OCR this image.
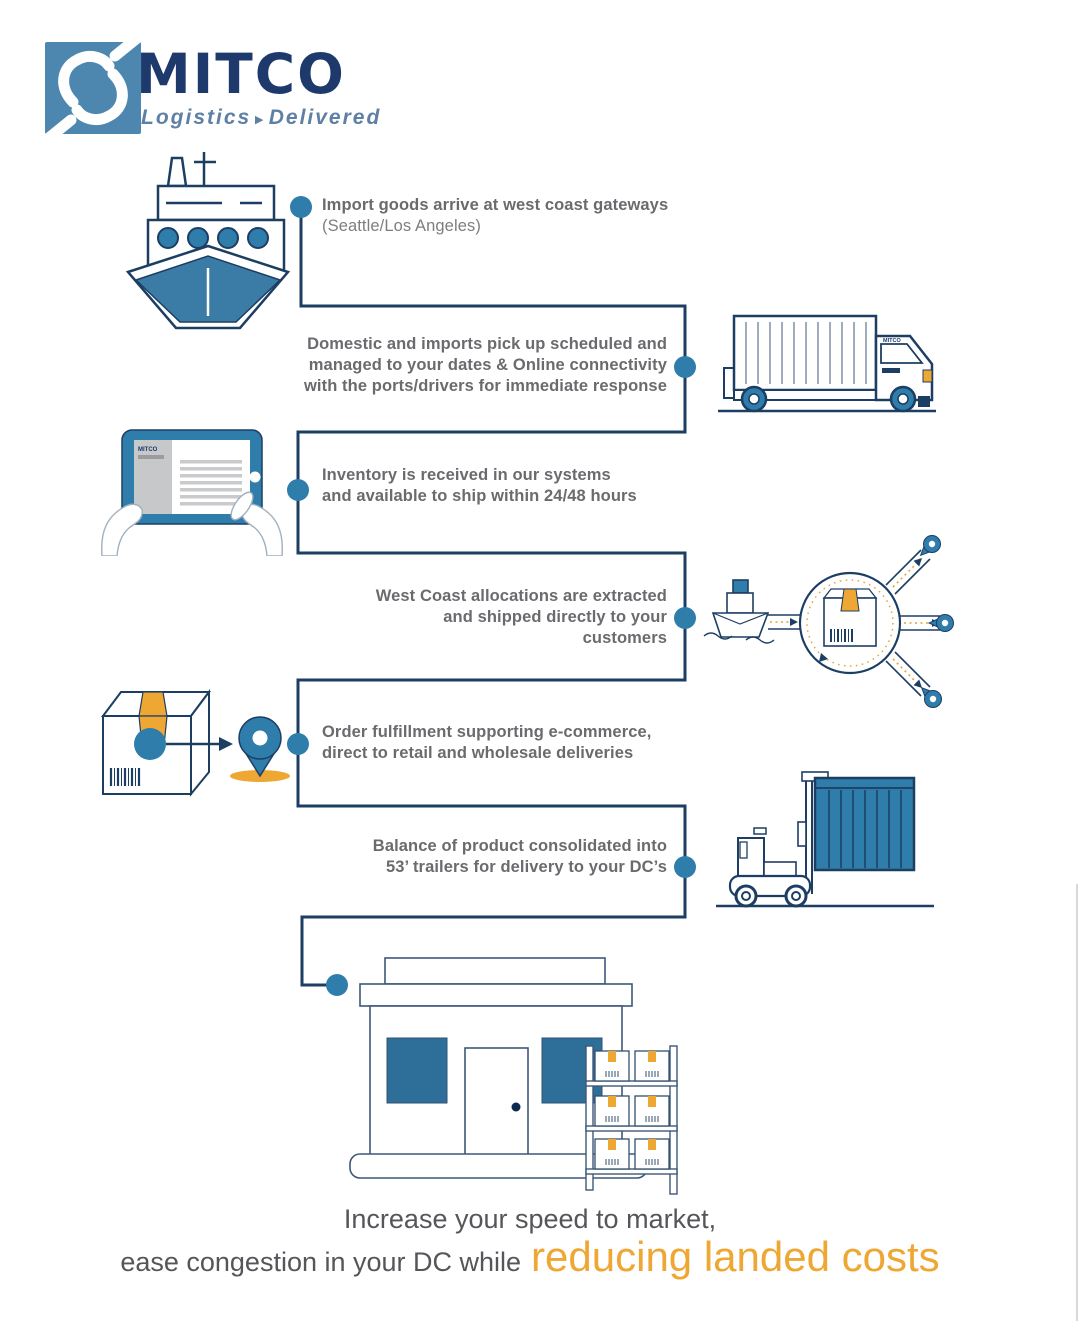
MITCO
Logistics ▸ Delivered
Import goods arrive at west coast gateways
(Seattle/Los Angeles)
Domestic and imports pick up scheduled and
managed to your dates & Online connectivity
with the ports/drivers for immediate response
Inventory is received in our systems
and available to ship within 24/48 hours
West Coast allocations are extracted
and shipped directly to your
customers
Order fulfillment supporting e-commerce,
direct to retail and wholesale deliveries
Balance of product consolidated into
53’ trailers for delivery to your DC’s
MITCO
MITCO
Increase your speed to market,
ease congestion in your DC while reducing landed costs
